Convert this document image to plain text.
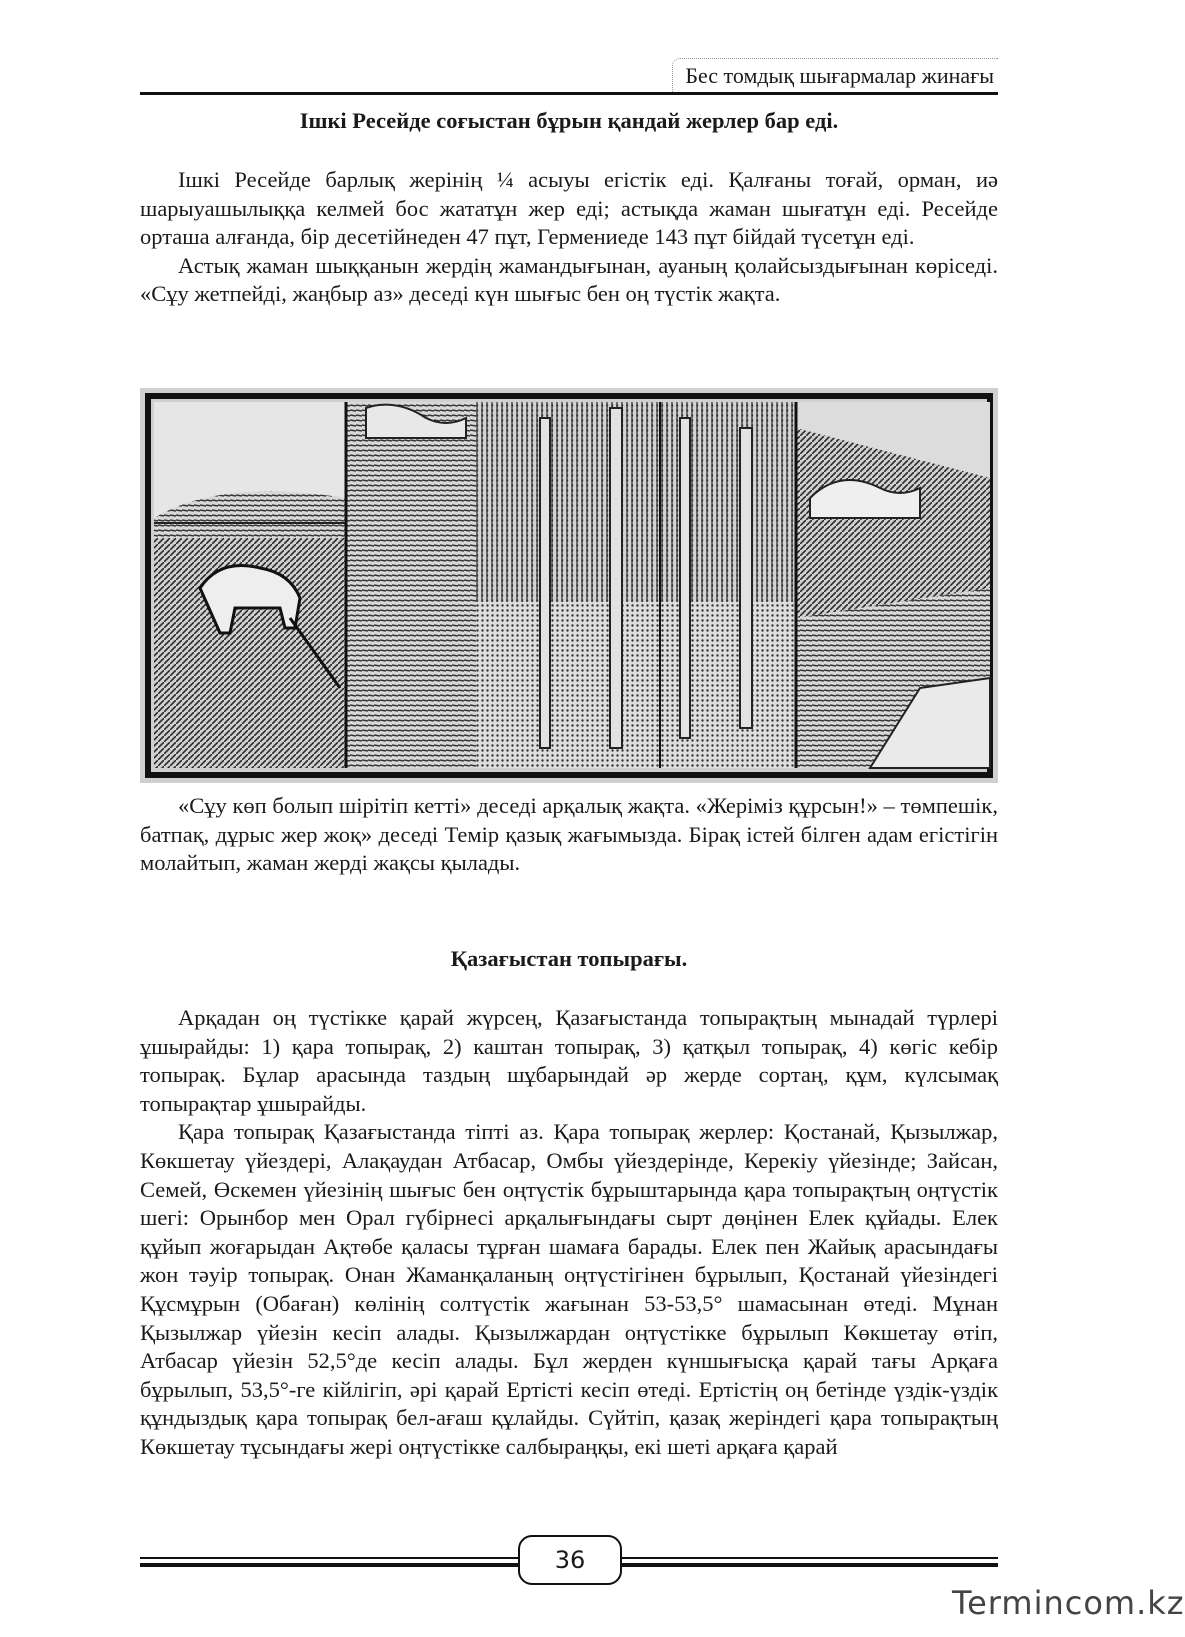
Бес томдық шығармалар жинағы
Ішкі Ресейде соғыстан бұрын қандай жерлер бар еді.

Ішкі Ресейде барлық жерінің ¼ асыуы егістік еді. Қалғаны тоғай, орман, иә шарыуашылыққа келмей бос жататұн жер еді; астықда жаман шығатұн еді. Ресейде орташа алғанда, бір десетійнеден 47 пұт, Гермениеде 143 пұт бійдай түсетұн еді.

Астық жаман шыққанын жердің жамандығынан, ауаның қолайсыздығынан көріседі. «Сұу жетпейді, жаңбыр аз» деседі күн шығыс бен оң түстік жақта.

«Сұу көп болып шірітіп кетті» деседі арқалық жақта. «Жеріміз құрсын!» – төмпешік, батпақ, дұрыс жер жоқ» деседі Темір қазық жағымызда. Бірақ істей білген адам егістігін молайтып, жаман жерді жақсы қылады.

Қазағыстан топырағы.

Арқадан оң түстікке қарай жүрсең, Қазағыстанда топырақтың мынадай түрлері ұшырайды: 1) қара топырақ, 2) каштан топырақ, 3) қатқыл топырақ, 4) көгіс кебір топырақ. Бұлар арасында таздың шұбарындай әр жерде сортаң, құм, күлсымақ топырақтар ұшырайды.

Қара топырақ Қазағыстанда тіпті аз. Қара топырақ жерлер: Қостанай, Қызылжар, Көкшетау үйездері, Алақаудан Атбасар, Омбы үйездерінде, Керекіу үйезінде; Зайсан, Семей, Өскемен үйезінің шығыс бен оңтүстік бұрыштарында қара топырақтың оңтүстік шегі: Орынбор мен Орал гүбірнесі арқалығындағы сырт дөңінен Елек құйады. Елек құйып жоғарыдан Ақтөбе қаласы тұрған шамаға барады. Елек пен Жайық арасындағы жон тәуір топырақ. Онан Жаманқаланың оңтүстігінен бұрылып, Қостанай үйезіндегі Құсмұрын (Обаған) көлінің солтүстік жағынан 53-53,5° шамасынан өтеді. Мұнан Қызылжар үйезін кесіп алады. Қызылжардан оңтүстікке бұрылып Көкшетау өтіп, Атбасар үйезін 52,5°де кесіп алады. Бұл жерден күншығысқа қарай тағы Арқаға бұрылып, 53,5°-ге кійлігіп, әрі қарай Ертісті кесіп өтеді. Ертістің оң бетінде үздік-үздік құндыздық қара топырақ бел-ағаш құлайды. Сүйтіп, қазақ жеріндегі қара топырақтың Көкшетау тұсындағы жері оңтүстікке салбыраңқы, екі шеті арқаға қарай

36
Termincom.kz
